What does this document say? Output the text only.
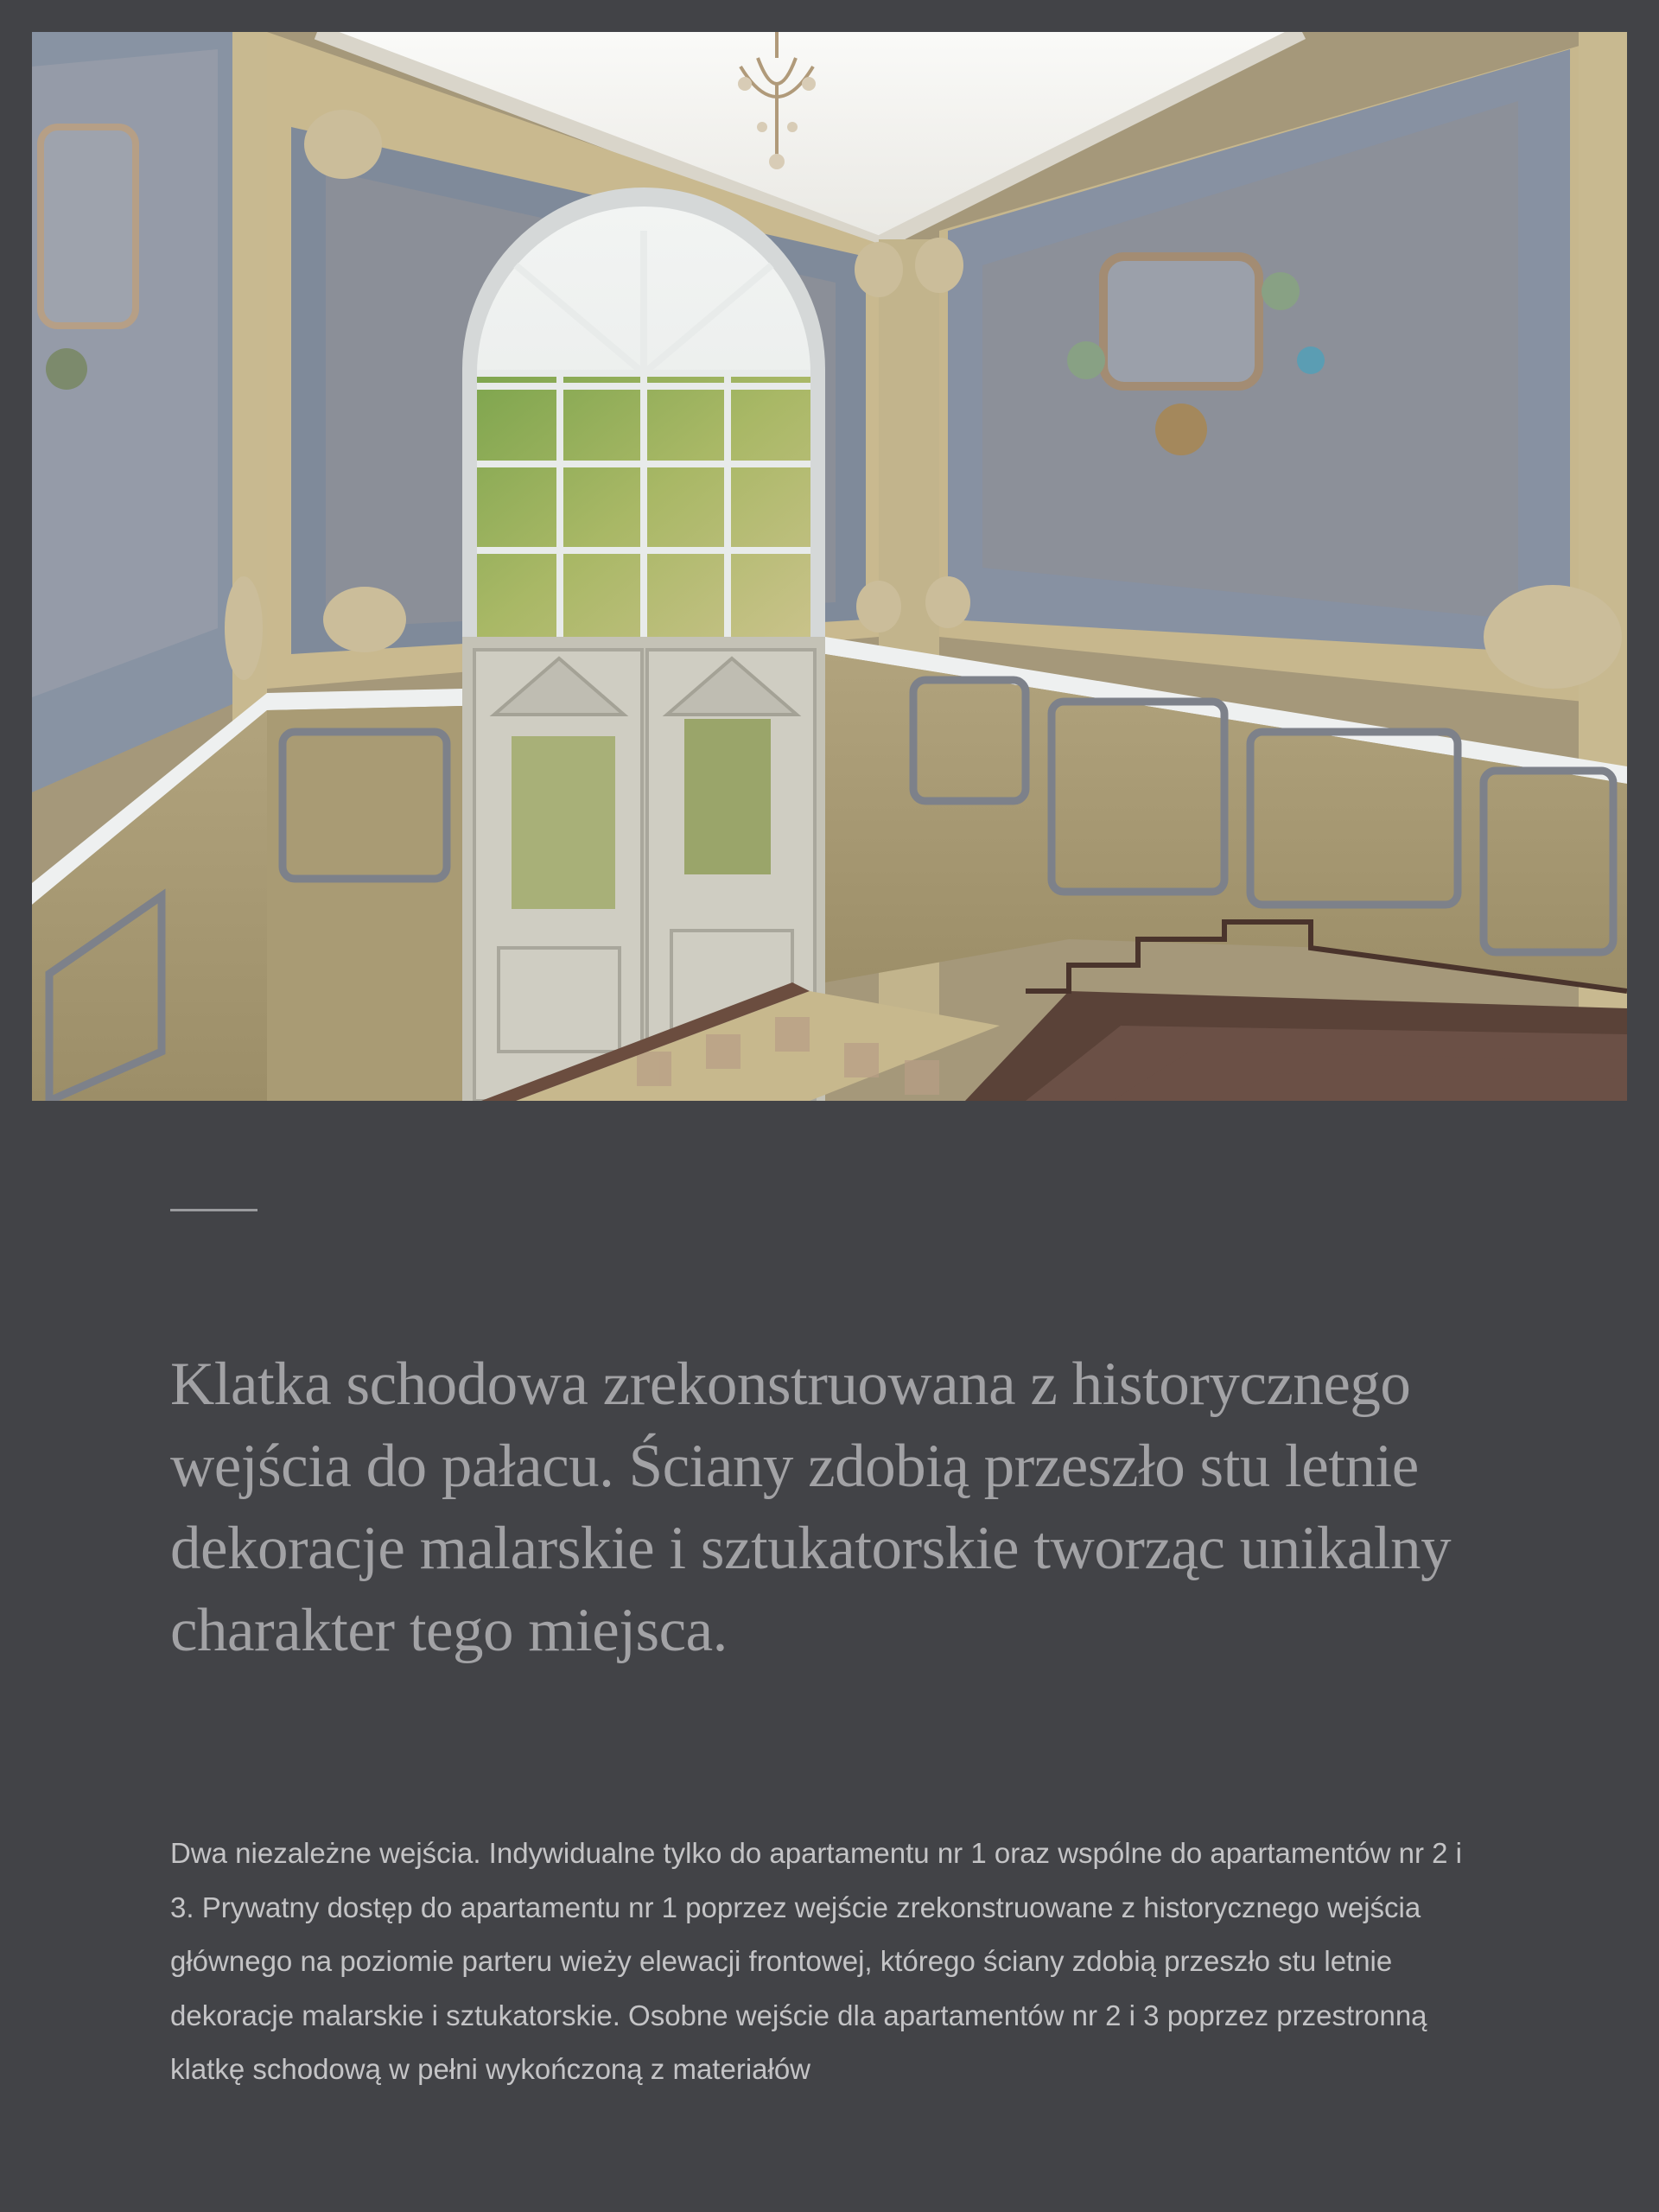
Klatka schodowa zrekonstruowana z historycznego wejścia do pałacu. Ściany zdobią przeszło stu letnie dekoracje malarskie i sztukatorskie tworząc unikalny charakter tego miejsca.

Dwa niezależne wejścia. Indywidualne tylko do apartamentu nr 1 oraz wspólne do apartamentów nr 2 i 3. Prywatny dostęp do apartamentu nr 1 poprzez wejście zrekonstruowane z historycznego wejścia głównego na poziomie parteru wieży elewacji frontowej, którego ściany zdobią przeszło stu letnie dekoracje malarskie i sztukatorskie. Osobne wejście dla apartamentów nr 2 i 3 poprzez przestronną klatkę schodową w pełni wykończoną z materiałów
